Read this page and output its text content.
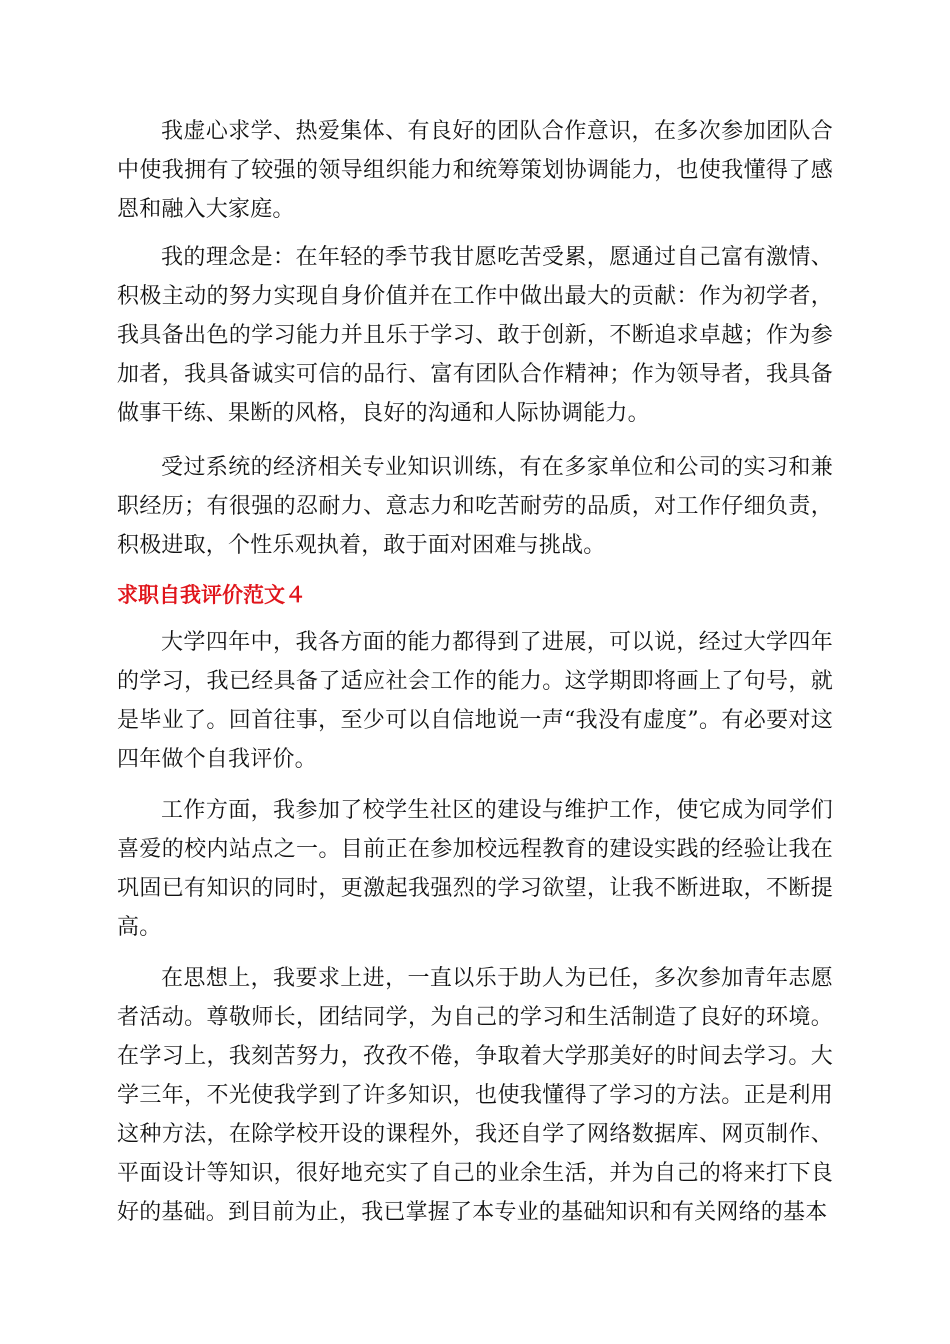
我虚心求学、热爱集体、有良好的团队合作意识，在多次参加团队合中使我拥有了较强的领导组织能力和统筹策划协调能力，也使我懂得了感恩和融入大家庭。

我的理念是：在年轻的季节我甘愿吃苦受累，愿通过自己富有激情、积极主动的努力实现自身价值并在工作中做出最大的贡献：作为初学者，我具备出色的学习能力并且乐于学习、敢于创新，不断追求卓越；作为参加者，我具备诚实可信的品行、富有团队合作精神；作为领导者，我具备做事干练、果断的风格，良好的沟通和人际协调能力。

受过系统的经济相关专业知识训练，有在多家单位和公司的实习和兼职经历；有很强的忍耐力、意志力和吃苦耐劳的品质，对工作仔细负责，积极进取，个性乐观执着，敢于面对困难与挑战。

求职自我评价范文４

大学四年中，我各方面的能力都得到了进展，可以说，经过大学四年的学习，我已经具备了适应社会工作的能力。这学期即将画上了句号，就是毕业了。回首往事，至少可以自信地说一声“我没有虚度”。有必要对这四年做个自我评价。

工作方面，我参加了校学生社区的建设与维护工作，使它成为同学们喜爱的校内站点之一。目前正在参加校远程教育的建设实践的经验让我在巩固已有知识的同时，更激起我强烈的学习欲望，让我不断进取，不断提高。

在思想上，我要求上进，一直以乐于助人为已任，多次参加青年志愿者活动。尊敬师长，团结同学，为自己的学习和生活制造了良好的环境。在学习上，我刻苦努力，孜孜不倦，争取着大学那美好的时间去学习。大学三年，不光使我学到了许多知识，也使我懂得了学习的方法。正是利用这种方法，在除学校开设的课程外，我还自学了网络数据库、网页制作、平面设计等知识，很好地充实了自己的业余生活，并为自己的将来打下良好的基础。到目前为止，我已掌握了本专业的基础知识和有关网络的基本
